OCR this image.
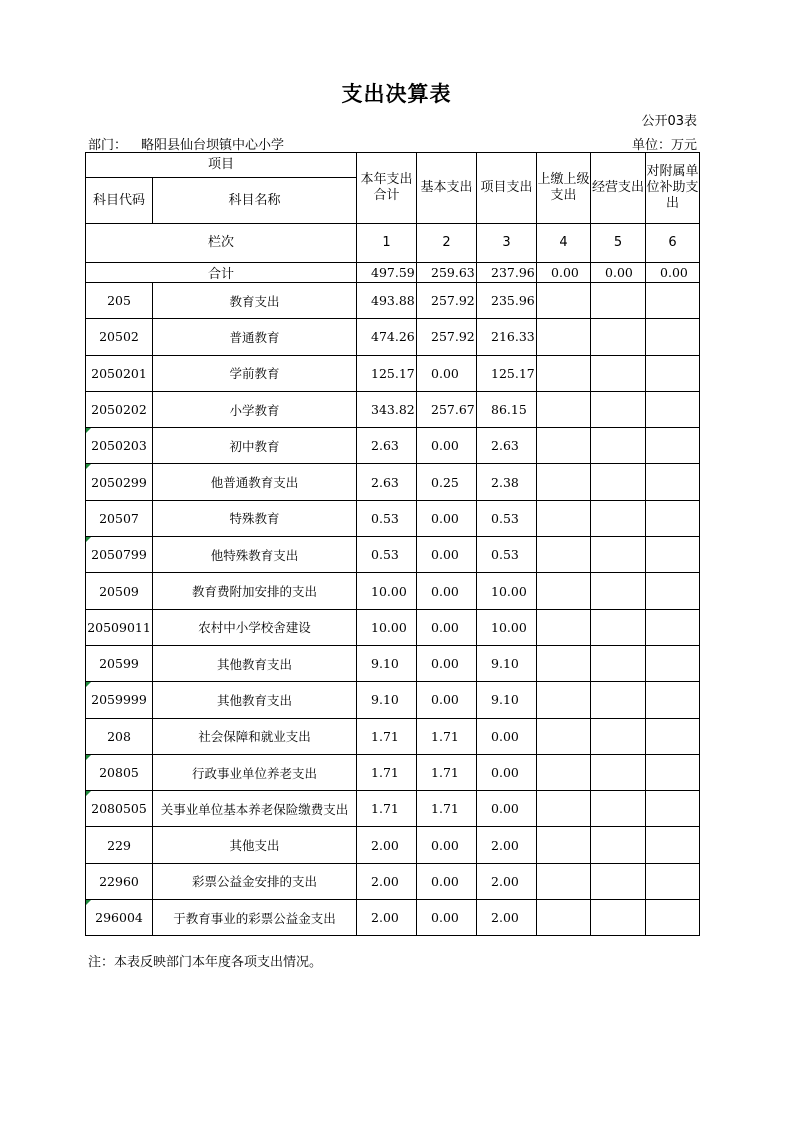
支出决算表
公开03表
部门： 略阳县仙台坝镇中心小学	单位：万元
项目		本年支出合计	基本支出	项目支出	上缴上级支出	经营支出	对附属单位补助支出
科目代码	科目名称						
栏次		1	2	3	4	5	6
合计		497.59	259.63	237.96	0.00	0.00	0.00
205	教育支出	493.88	257.92	235.96			
20502	普通教育	474.26	257.92	216.33			
2050201	学前教育	125.17	0.00	125.17			
2050202	小学教育	343.82	257.67	86.15			
2050203	初中教育	2.63	0.00	2.63			
2050299	他普通教育支出	2.63	0.25	2.38			
20507	特殊教育	0.53	0.00	0.53			
2050799	他特殊教育支出	0.53	0.00	0.53			
20509	教育费附加安排的支出	10.00	0.00	10.00			
20509011	农村中小学校舍建设	10.00	0.00	10.00			
20599	其他教育支出	9.10	0.00	9.10			
2059999	其他教育支出	9.10	0.00	9.10			
208	社会保障和就业支出	1.71	1.71	0.00			
20805	行政事业单位养老支出	1.71	1.71	0.00			
2080505	关事业单位基本养老保险缴费支出	1.71	1.71	0.00			
229	其他支出	2.00	0.00	2.00			
22960	彩票公益金安排的支出	2.00	0.00	2.00			
296004	于教育事业的彩票公益金支出	2.00	0.00	2.00			
注：本表反映部门本年度各项支出情况。
